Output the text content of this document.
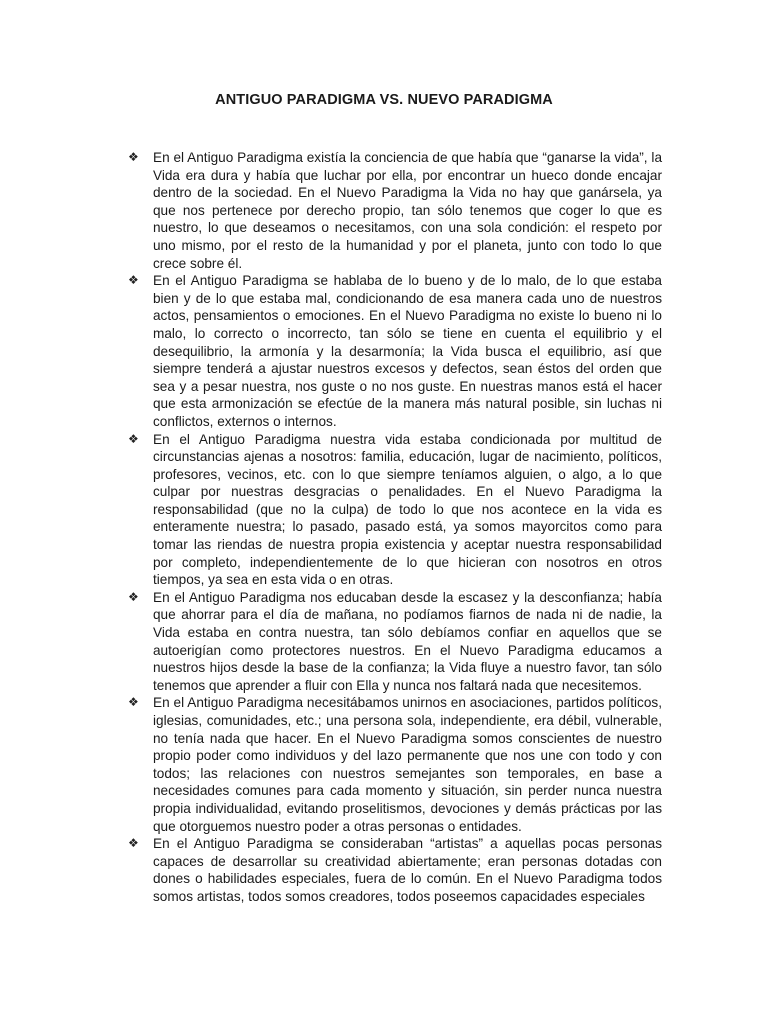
ANTIGUO PARADIGMA VS. NUEVO PARADIGMA
❖ En el Antiguo Paradigma existía la conciencia de que había que “ganarse la vida”, la Vida era dura y había que luchar por ella, por encontrar un hueco donde encajar dentro de la sociedad. En el Nuevo Paradigma la Vida no hay que ganársela, ya que nos pertenece por derecho propio, tan sólo tenemos que coger lo que es nuestro, lo que deseamos o necesitamos, con una sola condición: el respeto por uno mismo, por el resto de la humanidad y por el planeta, junto con todo lo que crece sobre él.
❖ En el Antiguo Paradigma se hablaba de lo bueno y de lo malo, de lo que estaba bien y de lo que estaba mal, condicionando de esa manera cada uno de nuestros actos, pensamientos o emociones. En el Nuevo Paradigma no existe lo bueno ni lo malo, lo correcto o incorrecto, tan sólo se tiene en cuenta el equilibrio y el desequilibrio, la armonía y la desarmonía; la Vida busca el equilibrio, así que siempre tenderá a ajustar nuestros excesos y defectos, sean éstos del orden que sea y a pesar nuestra, nos guste o no nos guste. En nuestras manos está el hacer que esta armonización se efectúe de la manera más natural posible, sin luchas ni conflictos, externos o internos.
❖ En el Antiguo Paradigma nuestra vida estaba condicionada por multitud de circunstancias ajenas a nosotros: familia, educación, lugar de nacimiento, políticos, profesores, vecinos, etc. con lo que siempre teníamos alguien, o algo, a lo que culpar por nuestras desgracias o penalidades. En el Nuevo Paradigma la responsabilidad (que no la culpa) de todo lo que nos acontece en la vida es enteramente nuestra; lo pasado, pasado está, ya somos mayorcitos como para tomar las riendas de nuestra propia existencia y aceptar nuestra responsabilidad por completo, independientemente de lo que hicieran con nosotros en otros tiempos, ya sea en esta vida o en otras.
❖ En el Antiguo Paradigma nos educaban desde la escasez y la desconfianza; había que ahorrar para el día de mañana, no podíamos fiarnos de nada ni de nadie, la Vida estaba en contra nuestra, tan sólo debíamos confiar en aquellos que se autoerigían como protectores nuestros. En el Nuevo Paradigma educamos a nuestros hijos desde la base de la confianza; la Vida fluye a nuestro favor, tan sólo tenemos que aprender a fluir con Ella y nunca nos faltará nada que necesitemos.
❖ En el Antiguo Paradigma necesitábamos unirnos en asociaciones, partidos políticos, iglesias, comunidades, etc.; una persona sola, independiente, era débil, vulnerable, no tenía nada que hacer. En el Nuevo Paradigma somos conscientes de nuestro propio poder como individuos y del lazo permanente que nos une con todo y con todos; las relaciones con nuestros semejantes son temporales, en base a necesidades comunes para cada momento y situación, sin perder nunca nuestra propia individualidad, evitando proselitismos, devociones y demás prácticas por las que otorguemos nuestro poder a otras personas o entidades.
❖ En el Antiguo Paradigma se consideraban “artistas” a aquellas pocas personas capaces de desarrollar su creatividad abiertamente; eran personas dotadas con dones o habilidades especiales, fuera de lo común. En el Nuevo Paradigma todos somos artistas, todos somos creadores, todos poseemos capacidades especiales
